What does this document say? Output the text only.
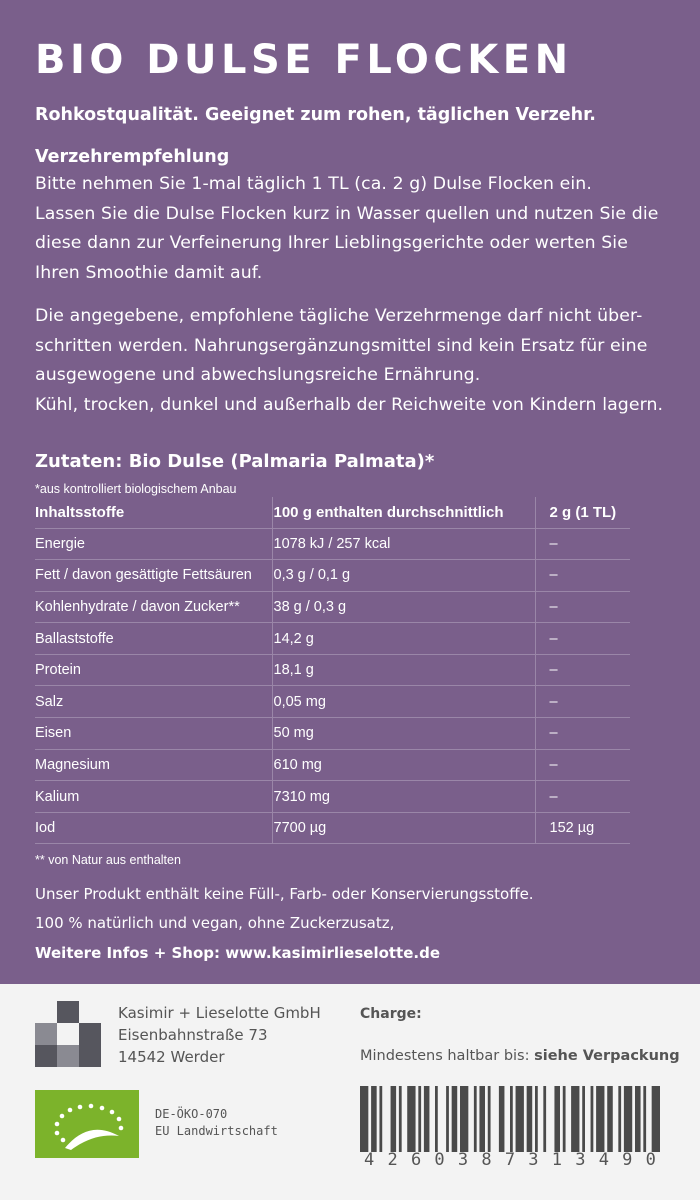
BIO DULSE FLOCKEN
Rohkostqualität. Geeignet zum rohen, täglichen Verzehr.
Verzehrempfehlung
Bitte nehmen Sie 1-mal täglich 1 TL (ca. 2 g) Dulse Flocken ein.
Lassen Sie die Dulse Flocken kurz in Wasser quellen und nutzen Sie die
diese dann zur Verfeinerung Ihrer Lieblingsgerichte oder werten Sie
Ihren Smoothie damit auf.
Die angegebene, empfohlene tägliche Verzehrmenge darf nicht über-
schritten werden. Nahrungsergänzungsmittel sind kein Ersatz für eine
ausgewogene und abwechslungsreiche Ernährung.
Kühl, trocken, dunkel und außerhalb der Reichweite von Kindern lagern.
Zutaten: Bio Dulse (Palmaria Palmata)*
*aus kontrolliert biologischem Anbau
Inhaltsstoffe	100 g enthalten durchschnittlich	2 g (1 TL)
Energie	1078 kJ / 257 kcal	–
Fett / davon gesättigte Fettsäuren	0,3 g / 0,1 g	–
Kohlenhydrate / davon Zucker**	38 g / 0,3 g	–
Ballaststoffe	14,2 g	–
Protein	18,1 g	–
Salz	0,05 mg	–
Eisen	50 mg	–
Magnesium	610 mg	–
Kalium	7310 mg	–
Iod	7700 µg	152 µg
** von Natur aus enthalten
Unser Produkt enthält keine Füll-, Farb- oder Konservierungsstoffe.
100 % natürlich und vegan, ohne Zuckerzusatz,
Weitere Infos + Shop: www.kasimirlieselotte.de
Kasimir + Lieselotte GmbH
Eisenbahnstraße 73
14542 Werder
DE-ÖKO-070
EU Landwirtschaft
Charge:
Mindestens haltbar bis: siehe Verpackung
4 2 6 0 3 8 7 3 1 3 4 9 0
